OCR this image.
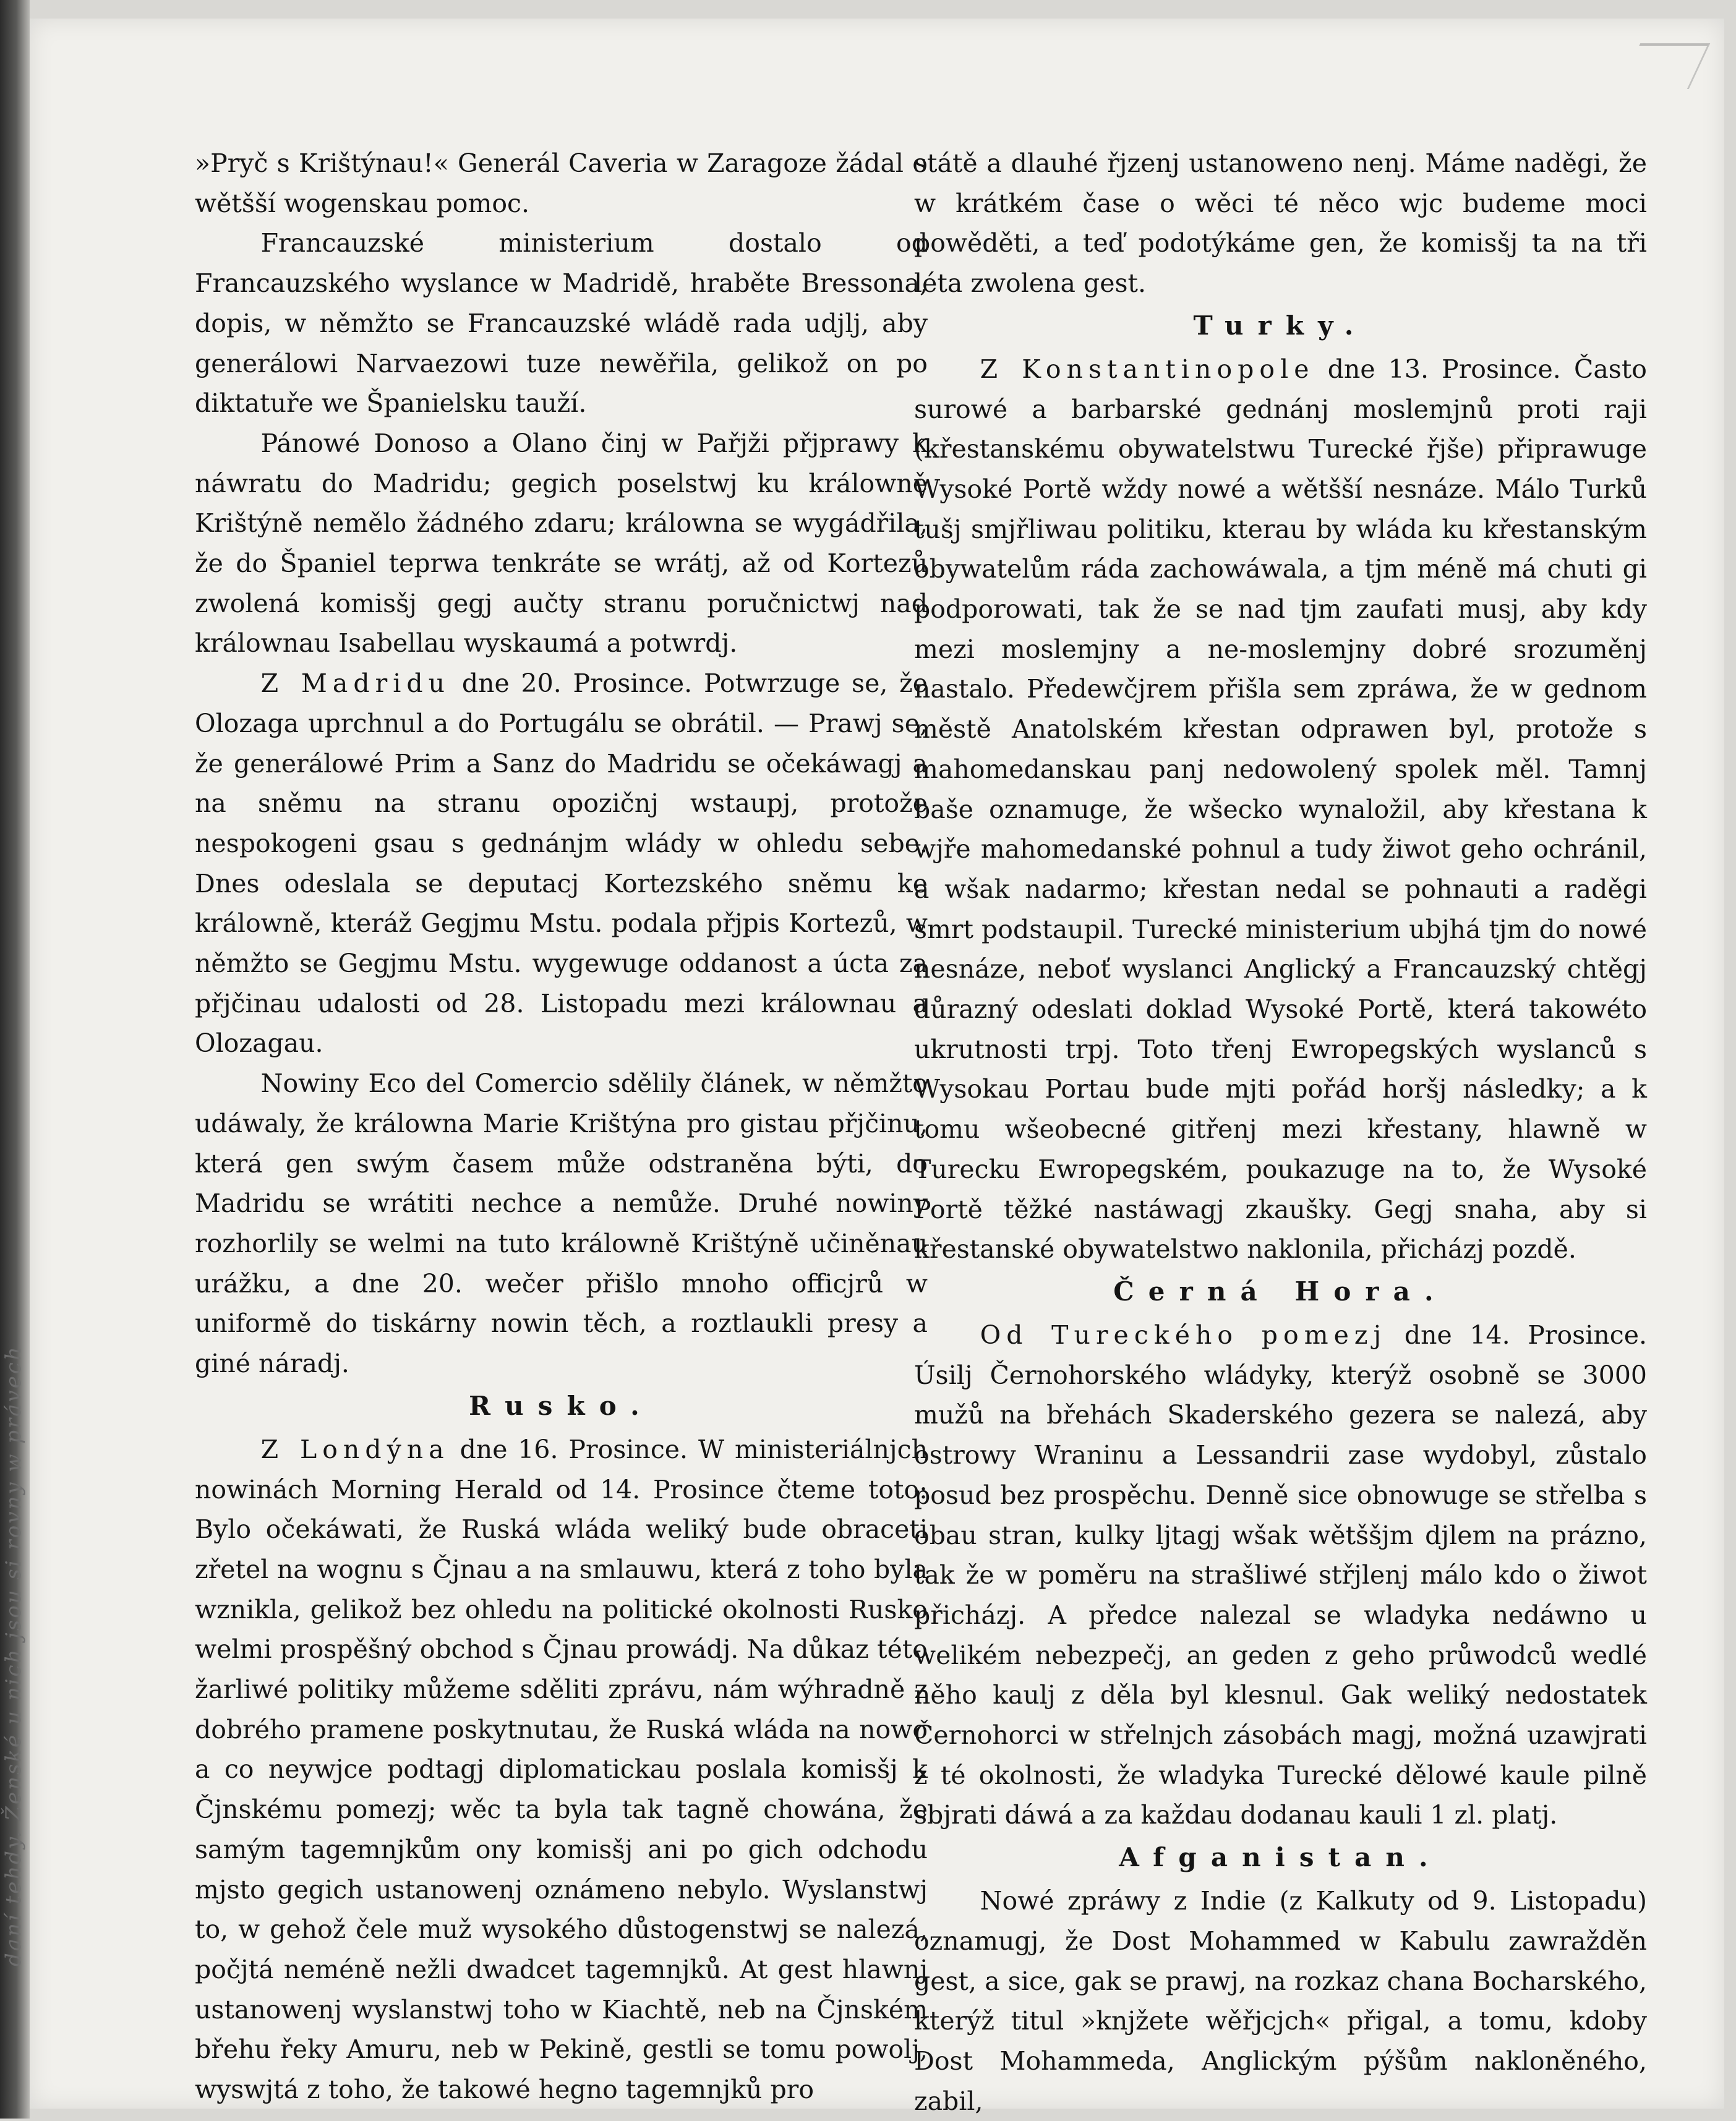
daní tehdy. Ženské u nich jsou si rovny w právech

»Pryč s Krištýnau!« Generál Caveria w Zaragoze žádal o wětšší wogenskau pomoc.

Francauzské ministerium dostalo od Francauzského wyslance w Madridě, hraběte Bressona, dopis, w němžto se Francauzské wládě rada udjlj, aby generálowi Narvaezowi tuze newěřila, gelikož on po diktatuře we Španielsku tauží.

Pánowé Donoso a Olano činj w Pařjži přjprawy k náwratu do Madridu; gegich poselstwj ku králowně Krištýně nemělo žádného zdaru; králowna se wygádřila, že do Španiel teprwa tenkráte se wrátj, až od Kortezů zwolená komisšj gegj aučty stranu poručnictwj nad králownau Isabellau wyskaumá a potwrdj.

Z Madridu dne 20. Prosince. Potwrzuge se, že Olozaga uprchnul a do Portugálu se obrátil. — Prawj se, že generálowé Prim a Sanz do Madridu se očekáwagj a na sněmu na stranu opozičnj wstaupj, protože nespokogeni gsau s gednánjm wlády w ohledu sebe. Dnes odeslala se deputacj Kortezského sněmu ke králowně, kteráž Gegjmu Mstu. podala přjpis Kortezů, w němžto se Gegjmu Mstu. wygewuge oddanost a úcta za přjčinau udalosti od 28. Listopadu mezi králownau a Olozagau.

Nowiny Eco del Comercio sdělily článek, w němžto udáwaly, že králowna Marie Krištýna pro gistau přjčinu, která gen swým časem může odstraněna býti, do Madridu se wrátiti nechce a nemůže. Druhé nowiny rozhorlily se welmi na tuto králowně Krištýně učiněnau urážku, a dne 20. wečer přišlo mnoho officjrů w uniformě do tiskárny nowin těch, a roztlaukli presy a giné náradj.

Rusko.

Z Londýna dne 16. Prosince. W ministeriálnjch nowinách Morning Herald od 14. Prosince čteme toto: Bylo očekáwati, že Ruská wláda weliký bude obraceti zřetel na wognu s Čjnau a na smlauwu, která z toho byla wznikla, gelikož bez ohledu na politické okolnosti Rusko welmi prospěšný obchod s Čjnau prowádj. Na důkaz této žarliwé politiky můžeme sděliti zprávu, nám wýhradně z dobrého pramene poskytnutau, že Ruská wláda na nowo a co neywjce podtagj diplomatickau poslala komisšj k Čjnskému pomezj; wěc ta byla tak tagně chowána, že samým tagemnjkům ony komisšj ani po gich odchodu mjsto gegich ustanowenj oznámeno nebylo. Wyslanstwj to, w gehož čele muž wysokého důstogenstwj se nalezá, počjtá neméně nežli dwadcet tagemnjků. At gest hlawnj ustanowenj wyslanstwj toho w Kiachtě, neb na Čjnském břehu řeky Amuru, neb w Pekině, gestli se tomu powolj, wyswjtá z toho, že takowé hegno tagemnjků pro

státě a dlauhé řjzenj ustanoweno nenj. Máme naděgi, že w krátkém čase o wěci té něco wjc budeme moci powěděti, a teď podotýkáme gen, že komisšj ta na tři léta zwolena gest.

Turky.

Z Konstantinopole dne 13. Prosince. Často surowé a barbarské gednánj moslemjnů proti raji (křestanskému obywatelstwu Turecké řjše) připrawuge Wysoké Portě wždy nowé a wětšší nesnáze. Málo Turků tušj smjřliwau politiku, kterau by wláda ku křestanským obywatelům ráda zachowáwala, a tjm méně má chuti gi podporowati, tak že se nad tjm zaufati musj, aby kdy mezi moslemjny a ne-moslemjny dobré srozuměnj nastalo. Předewčjrem přišla sem zpráwa, že w gednom městě Anatolském křestan odprawen byl, protože s mahomedanskau panj nedowolený spolek měl. Tamnj baše oznamuge, že wšecko wynaložil, aby křestana k wjře mahomedanské pohnul a tudy žiwot geho ochránil, a wšak nadarmo; křestan nedal se pohnauti a raděgi smrt podstaupil. Turecké ministerium ubjhá tjm do nowé nesnáze, neboť wyslanci Anglický a Francauzský chtěgj důrazný odeslati doklad Wysoké Portě, která takowéto ukrutnosti trpj. Toto třenj Ewropegských wyslanců s Wysokau Portau bude mjti pořád horšj následky; a k tomu wšeobecné gitřenj mezi křestany, hlawně w Turecku Ewropegském, poukazuge na to, že Wysoké Portě těžké nastáwagj zkaušky. Gegj snaha, aby si křestanské obywatelstwo naklonila, přicházj pozdě.

Černá Hora.

Od Tureckého pomezj dne 14. Prosince. Úsilj Černohorského wládyky, kterýž osobně se 3000 mužů na břehách Skaderského gezera se nalezá, aby ostrowy Wraninu a Lessandrii zase wydobyl, zůstalo posud bez prospěchu. Denně sice obnowuge se střelba s obau stran, kulky ljtagj wšak wětššjm djlem na prázno, tak že w poměru na strašliwé střjlenj málo kdo o žiwot přicházj. A předce nalezal se wladyka nedáwno u welikém nebezpečj, an geden z geho průwodců wedlé něho kaulj z děla byl klesnul. Gak weliký nedostatek Černohorci w střelnjch zásobách magj, možná uzawjrati z té okolnosti, že wladyka Turecké dělowé kaule pilně sbjrati dáwá a za každau dodanau kauli 1 zl. platj.

Afganistan.

Nowé zpráwy z Indie (z Kalkuty od 9. Listopadu) oznamugj, že Dost Mohammed w Kabulu zawražděn gest, a sice, gak se prawj, na rozkaz chana Bocharského, kterýž titul »knjžete wěřjcjch« přigal, a tomu, kdoby Dost Mohammeda, Anglickým pýšům nakloněného, zabil,
